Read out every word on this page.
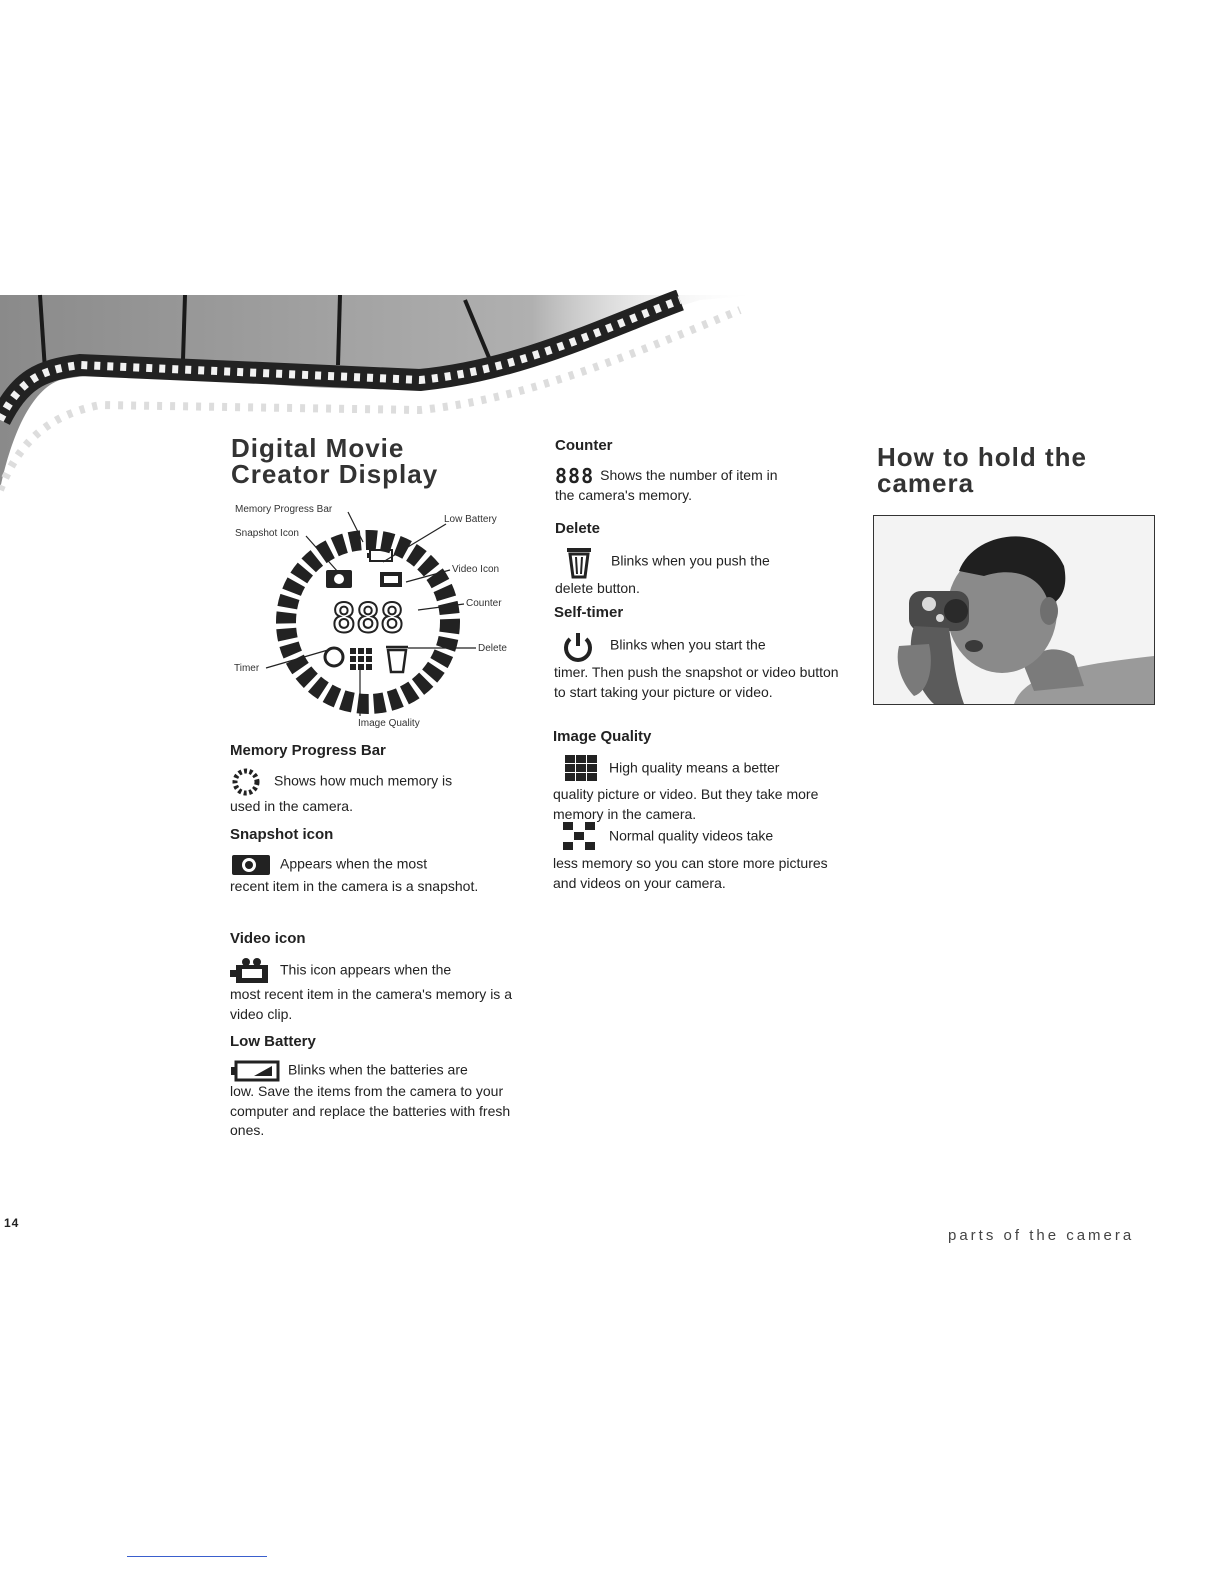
Digital Movie
Creator Display
Memory Progress Bar
Snapshot Icon
Low Battery
Video Icon
Counter
Delete
Timer
Image Quality
888

Memory Progress Bar

Shows how much memory is
used in the camera.

Snapshot icon

Appears when the most
recent item in the camera is a snapshot.

Video icon

This icon appears when the
most recent item in the camera's memory is a video clip.

Low Battery

Blinks when the batteries are
low. Save the items from the camera to your computer and replace the batteries with fresh ones.

Counter

888 Shows the number of item in
the camera's memory.

Delete

Blinks when you push the
delete button.

Self-timer

Blinks when you start the
timer. Then push the snapshot or video button to start taking your picture or video.

Image Quality

High quality means a better
quality picture or video. But they take more memory in the camera.

Normal quality videos take
less memory so you can store more pictures and videos on your camera.

How to hold the
camera
14
parts of the camera
